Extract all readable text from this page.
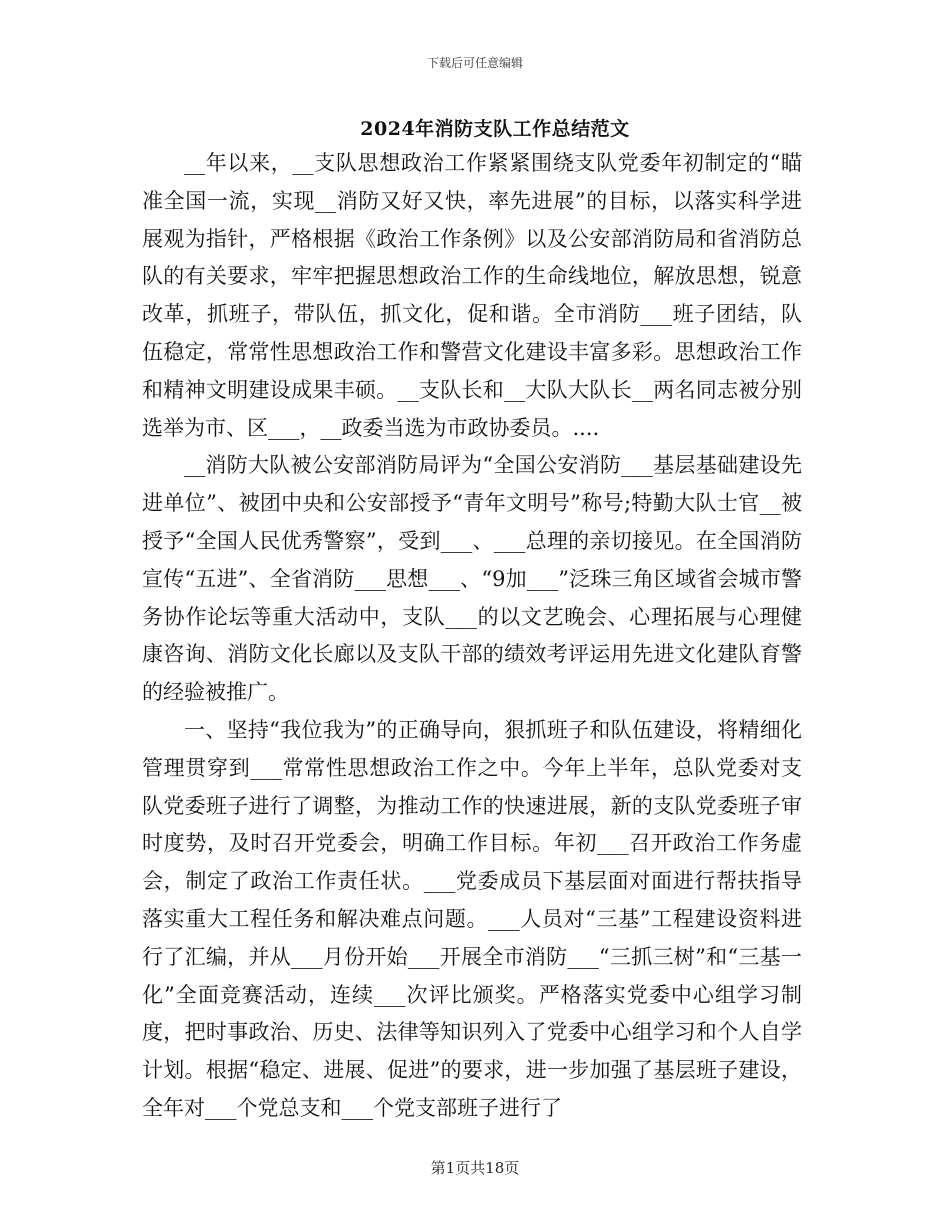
下载后可任意编辑
2024年消防支队工作总结范文

__年以来，__支队思想政治工作紧紧围绕支队党委年初制定的“瞄准全国一流，实现__消防又好又快，率先进展”的目标，以落实科学进展观为指针，严格根据《政治工作条例》以及公安部消防局和省消防总队的有关要求，牢牢把握思想政治工作的生命线地位，解放思想，锐意改革，抓班子，带队伍，抓文化，促和谐。全市消防___班子团结，队伍稳定，常常性思想政治工作和警营文化建设丰富多彩。思想政治工作和精神文明建设成果丰硕。__支队长和__大队大队长__两名同志被分别选举为市、区___，__政委当选为市政协委员。....

__消防大队被公安部消防局评为“全国公安消防___基层基础建设先进单位”、被团中央和公安部授予“青年文明号”称号;特勤大队士官__被授予“全国人民优秀警察”，受到___、___总理的亲切接见。在全国消防宣传“五进”、全省消防___思想___、“9加___”泛珠三角区域省会城市警务协作论坛等重大活动中，支队___的以文艺晚会、心理拓展与心理健康咨询、消防文化长廊以及支队干部的绩效考评运用先进文化建队育警的经验被推广。

一、坚持“我位我为”的正确导向，狠抓班子和队伍建设，将精细化管理贯穿到___常常性思想政治工作之中。今年上半年，总队党委对支队党委班子进行了调整，为推动工作的快速进展，新的支队党委班子审时度势，及时召开党委会，明确工作目标。年初___召开政治工作务虚会，制定了政治工作责任状。___党委成员下基层面对面进行帮扶指导落实重大工程任务和解决难点问题。___人员对“三基”工程建设资料进行了汇编，并从___月份开始___开展全市消防___“三抓三树”和“三基一化”全面竞赛活动，连续___次评比颁奖。严格落实党委中心组学习制度，把时事政治、历史、法律等知识列入了党委中心组学习和个人自学计划。根据“稳定、进展、促进”的要求，进一步加强了基层班子建设，全年对___个党总支和___个党支部班子进行了

第1页共18页
